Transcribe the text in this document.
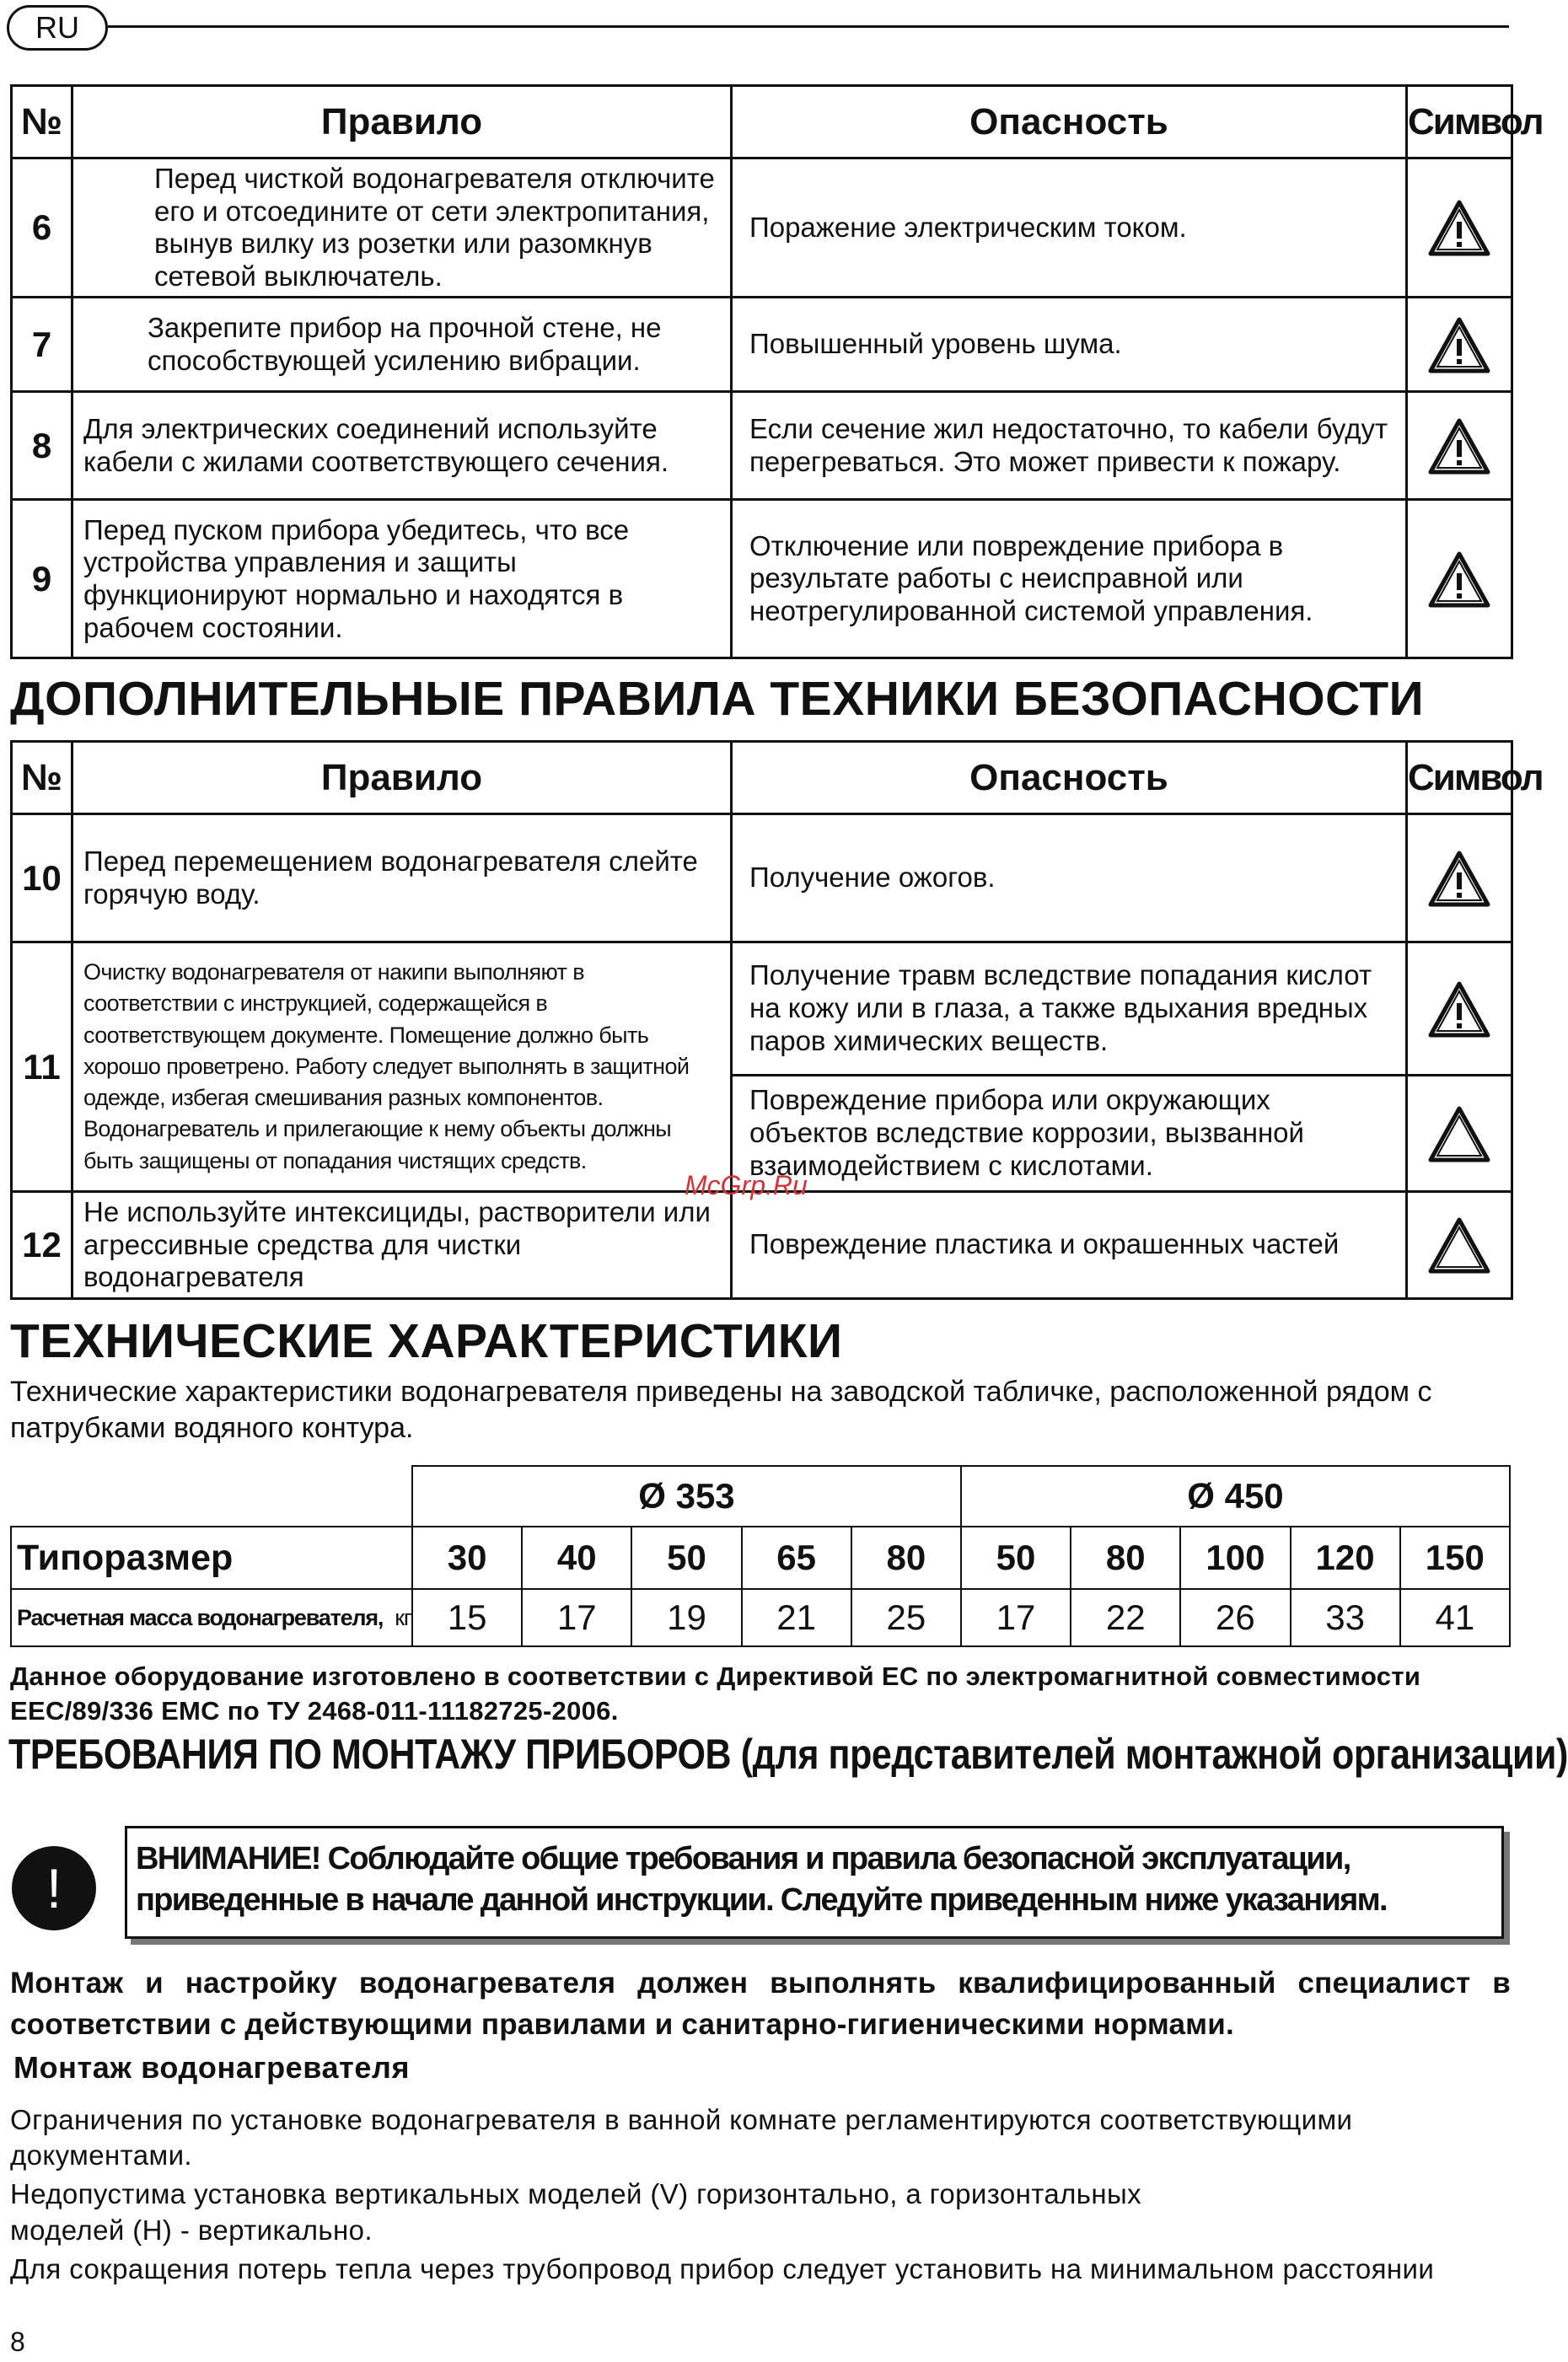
RU
№	Правило	Опасность	Символ
6	Перед чисткой водонагревателя отключите его и отсоедините от сети электропитания, вынув вилку из розетки или разомкнув сетевой выключатель.	Поражение электрическим током.	
7	Закрепите прибор на прочной стене, не способствующей усилению вибрации.	Повышенный уровень шума.	
8	Для электрических соединений используйте кабели с жилами соответствующего сечения.	Если сечение жил недостаточно, то кабели будут перегреваться. Это может привести к пожару.	
9	Перед пуском прибора убедитесь, что все устройства управления и защиты функционируют нормально и находятся в рабочем состоянии.	Отключение или повреждение прибора в результате работы с неисправной или неотрегулированной системой управления.	
ДОПОЛНИТЕЛЬНЫЕ ПРАВИЛА ТЕХНИКИ БЕЗОПАСНОСТИ
№	Правило	Опасность	Символ
10	Перед перемещением водонагревателя слейте горячую воду.	Получение ожогов.	
11	Очистку водонагревателя от накипи выполняют в соответствии с инструкцией, содержащейся в соответствующем документе. Помещение должно быть хорошо проветрено. Работу следует выполнять в защитной одежде, избегая смешивания разных компонентов. Водонагреватель и прилегающие к нему объекты должны быть защищены от попадания чистящих средств.	Получение травм вследствие попадания кислот на кожу или в глаза, а также вдыхания вредных паров химических веществ.	
		Повреждение прибора или окружающих объектов вследствие коррозии, вызванной взаимодействием с кислотами.	
12	Не используйте интексициды, растворители или агрессивные средства для чистки водонагревателя	Повреждение пластика и окрашенных частей	
McGrp.Ru
ТЕХНИЧЕСКИЕ ХАРАКТЕРИСТИКИ
Технические характеристики водонагревателя приведены на заводской табличке, расположенной рядом с патрубками водяного контура.
	Ø 353					Ø 450				
Типоразмер	30	40	50	65	80	50	80	100	120	150
Расчетная масса водонагревателя, кг	15	17	19	21	25	17	22	26	33	41
Данное оборудование изготовлено в соответствии с Директивой ЕС по электромагнитной совместимости EEC/89/336 EMC по ТУ 2468-011-11182725-2006.
ТРЕБОВАНИЯ ПО МОНТАЖУ ПРИБОРОВ (для представителей монтажной организации)
!	ВНИМАНИЕ! Соблюдайте общие требования и правила безопасной эксплуатации,
приведенные в начале данной инструкции. Следуйте приведенным ниже указаниям.
Монтаж и настройку водонагревателя должен выполнять квалифицированный специалист в соответствии с действующими правилами и санитарно-гигиеническими нормами.
Монтаж водонагревателя

Ограничения по установке водонагревателя в ванной комнате регламентируются соответствующими документами.

Недопустима установка вертикальных моделей (V) горизонтально, а горизонтальных

моделей (H) - вертикально.

Для сокращения потерь тепла через трубопровод прибор следует установить на минимальном расстоянии

8
